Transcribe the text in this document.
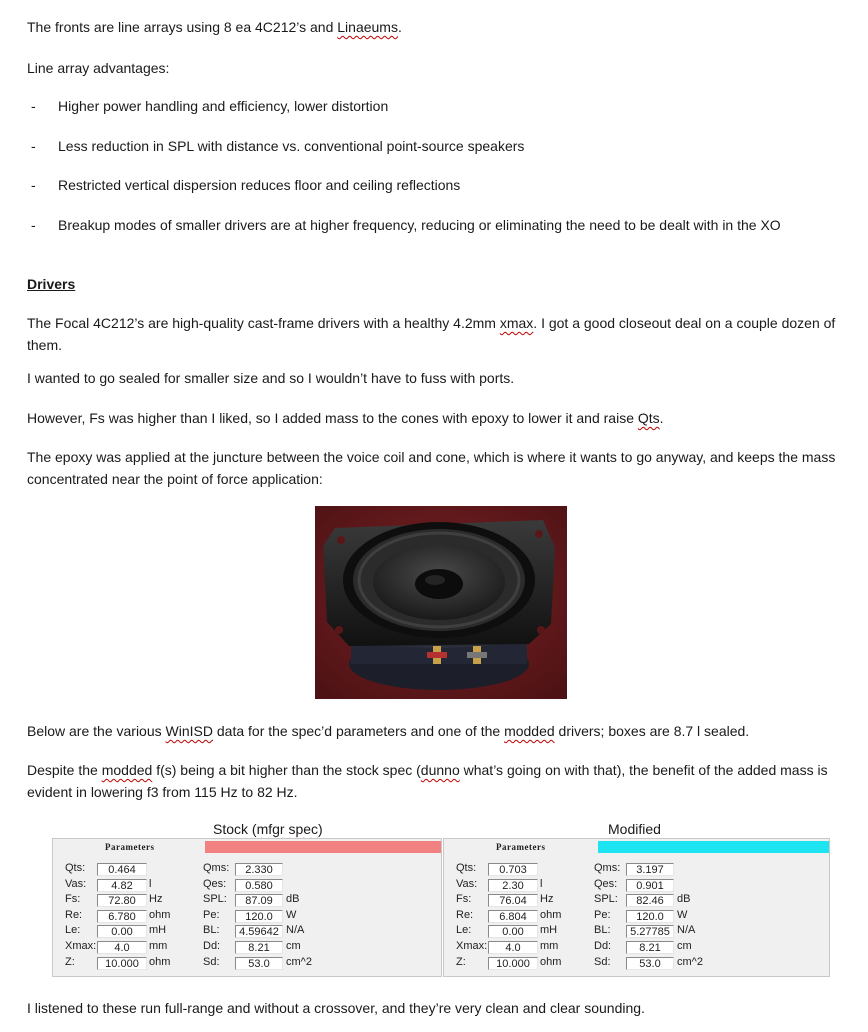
The fronts are line arrays using 8 ea 4C212’s and Linaeums.

Line array advantages:

- Higher power handling and efficiency, lower distortion
- Less reduction in SPL with distance vs. conventional point-source speakers
- Restricted vertical dispersion reduces floor and ceiling reflections
- Breakup modes of smaller drivers are at higher frequency, reducing or eliminating the need to be dealt with in the XO

Drivers

The Focal 4C212’s are high-quality cast-frame drivers with a healthy 4.2mm xmax. I got a good closeout deal on a couple dozen of them.

I wanted to go sealed for smaller size and so I wouldn’t have to fuss with ports.

However, Fs was higher than I liked, so I added mass to the cones with epoxy to lower it and raise Qts.

The epoxy was applied at the juncture between the voice coil and cone, which is where it wants to go anyway, and keeps the mass concentrated near the point of force application:

Below are the various WinISD data for the spec’d parameters and one of the modded drivers; boxes are 8.7 l sealed.

Despite the modded f(s) being a bit higher than the stock spec (dunno what’s going on with that), the benefit of the added mass is evident in lowering f3 from 115 Hz to 82 Hz.

Stock (mfgr spec)	Modified
Parameters
Qts:	0.464
Vas:	4.82	l
Fs:	72.80	Hz
Re:	6.780	ohm
Le:	0.00	mH
Xmax:	4.0	mm
Z:	10.000 ohm
Qms:	2.330
Qes:	0.580
SPL:	87.09	dB
Pe:	120.0	W
BL:	4.59642 N/A
Dd:	8.21	cm
Sd:	53.0	cm^2
Parameters
Qts:	0.703
Vas:	2.30	l
Fs:	76.04	Hz
Re:	6.804	ohm
Le:	0.00	mH
Xmax:	4.0	mm
Z:	10.000 ohm
Qms:	3.197
Qes:	0.901
SPL:	82.46	dB
Pe:	120.0	W
BL:	5.27785 N/A
Dd:	8.21	cm
Sd:	53.0	cm^2

I listened to these run full-range and without a crossover, and they’re very clean and clear sounding.
